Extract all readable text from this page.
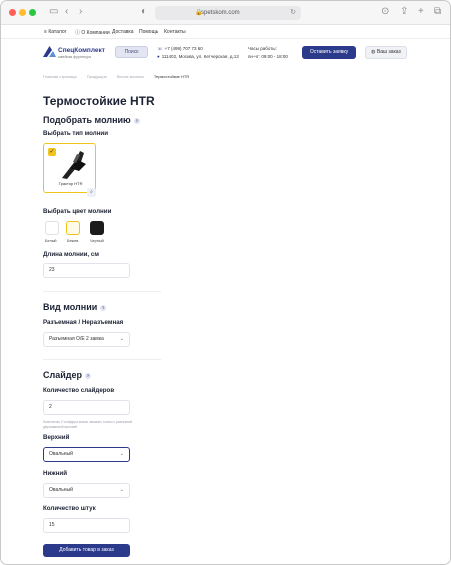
▭ ‹ ›	◐	🔒
spetskom.com	↻	⊙ ⇪ + ⧉
≡ Каталог ⓘ О Компании Доставка Помощь Контакты
СпецКомплект
швейная фурнитура
Поиск
☏ +7 (499) 707 73 60
● 111402, Москва, ул. Кетчерская, д.13
Часы работы:
пн-чт: 09:00 - 18:00
Оставить заявку	◍ Ваш заказ
Главная страница	Продукция	Витые молнии	Термостойкие HTR
Термостойкие HTR
Подобрать молнию ?
Выбрать тип молнии
✓
Трактор HTR
⌕
Выбрать цвет молнии
Белый	Бежев.	Черный
Длина молнии, см
23
Вид молнии ?
Разъемная / Неразъемная
Разъемная О/Е 2 замка	⌄
Слайдер ?
Количество слайдеров
2
Количество 2 слайдера можно заказать только с разъемной двухзамковой молнией
Верхний
Овальный	⌄
Нижний
Овальный	⌄
Количество штук
15
Добавить товар в заказ
